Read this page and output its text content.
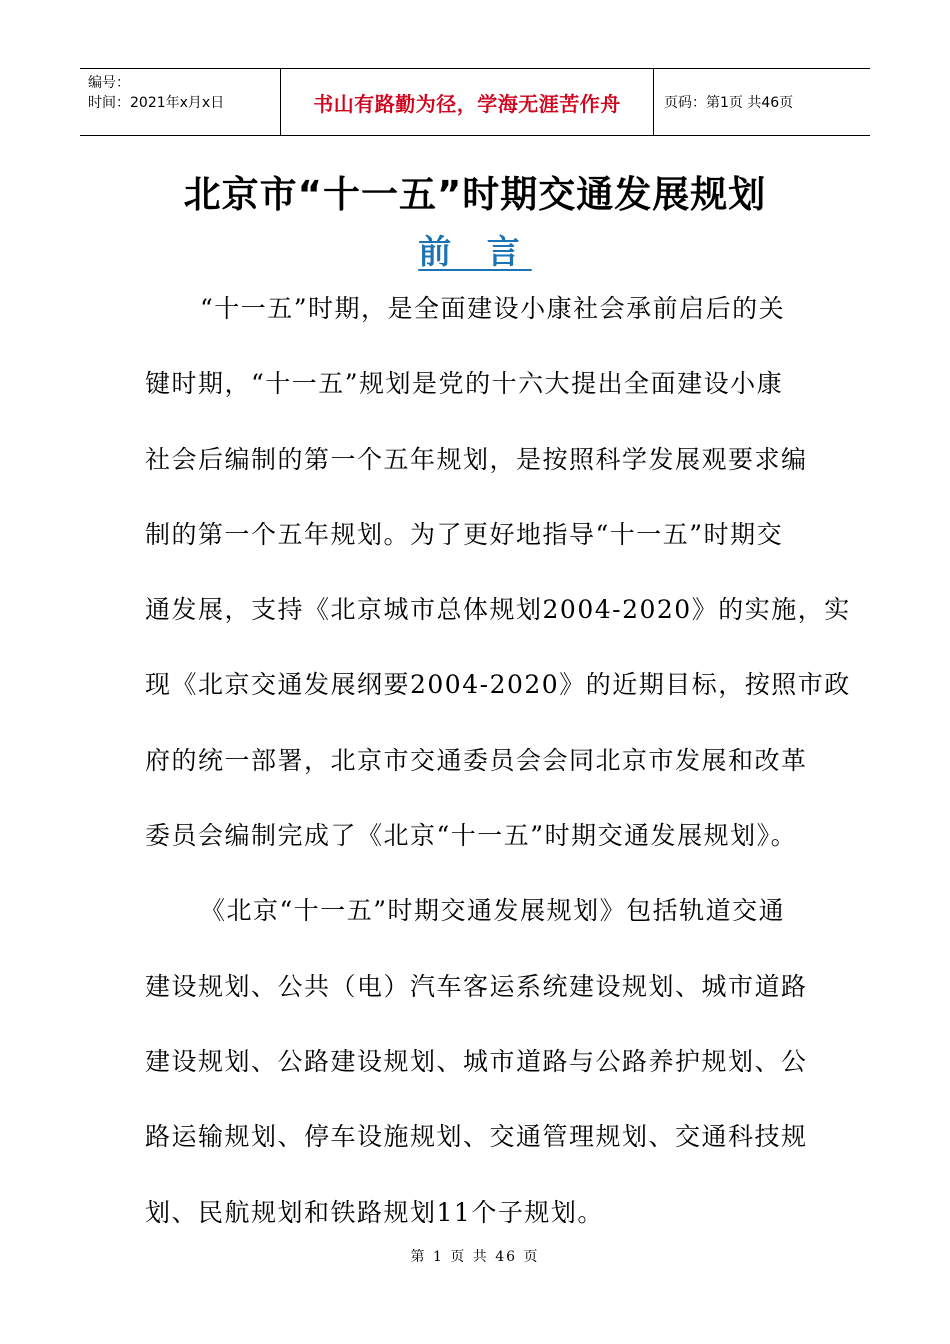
编号：
时间：2021年x月x日	书山有路勤为径，学海无涯苦作舟	页码：第1页 共46页
北京市“十一五”时期交通发展规划
前 言
“十一五”时期，是全面建设小康社会承前启后的关
键时期，“十一五”规划是党的十六大提出全面建设小康
社会后编制的第一个五年规划，是按照科学发展观要求编
制的第一个五年规划。为了更好地指导“十一五”时期交
通发展，支持《北京城市总体规划2004-2020》的实施，实
现《北京交通发展纲要2004-2020》的近期目标，按照市政
府的统一部署，北京市交通委员会会同北京市发展和改革
委员会编制完成了《北京“十一五”时期交通发展规划》。
《北京“十一五”时期交通发展规划》包括轨道交通
建设规划、公共（电）汽车客运系统建设规划、城市道路
建设规划、公路建设规划、城市道路与公路养护规划、公
路运输规划、停车设施规划、交通管理规划、交通科技规
划、民航规划和铁路规划11个子规划。
第 1 页 共 46 页
